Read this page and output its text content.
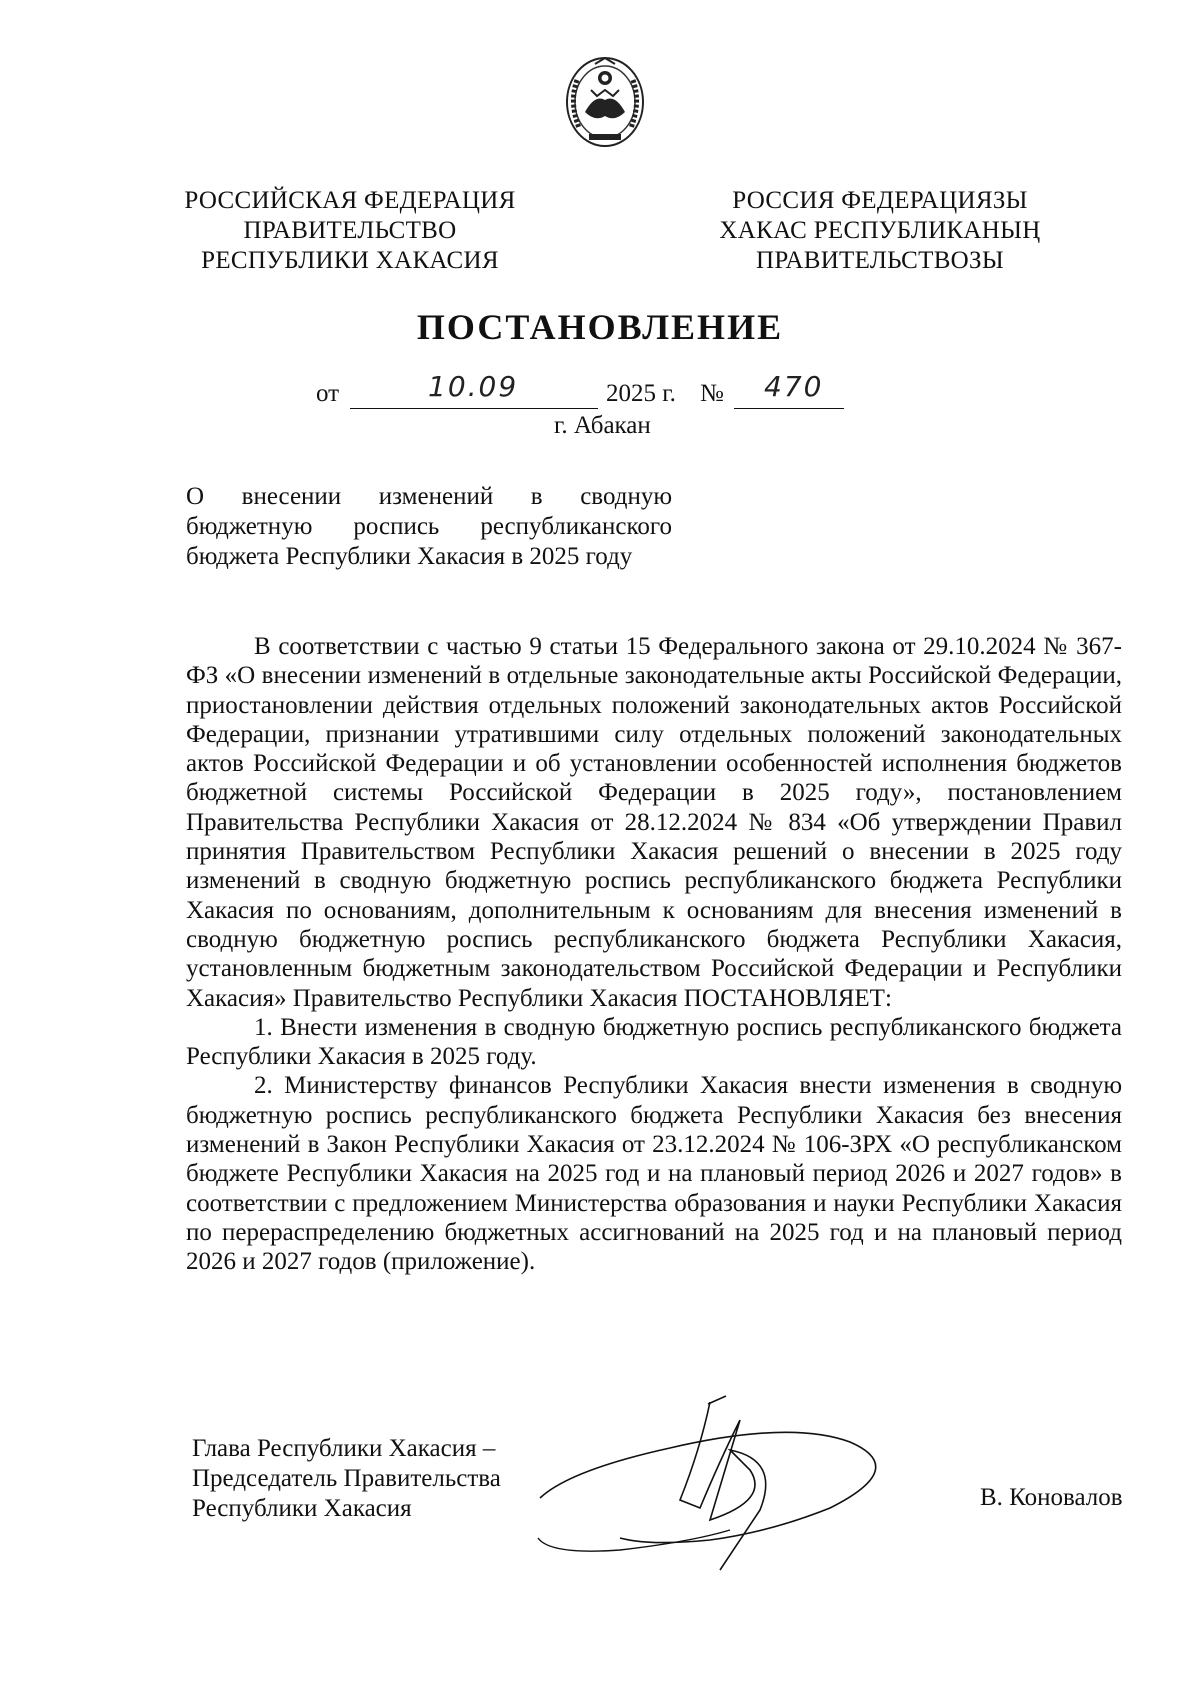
РОССИЙСКАЯ ФЕДЕРАЦИЯ
ПРАВИТЕЛЬСТВО
РЕСПУБЛИКИ ХАКАСИЯ
РОССИЯ ФЕДЕРАЦИЯЗЫ
ХАКАС РЕСПУБЛИКАНЫҢ
ПРАВИТЕЛЬСТВОЗЫ
ПОСТАНОВЛЕНИЕ
от	10.09	2025 г. № 470
г. Абакан
О внесении изменений в сводную
бюджетную роспись республиканского
бюджета Республики Хакасия в 2025 году

В соответствии с частью 9 статьи 15 Федерального закона от 29.10.2024 № 367-ФЗ «О внесении изменений в отдельные законодательные акты Российской Федерации, приостановлении действия отдельных положений законодательных актов Российской Федерации, признании утратившими силу отдельных положений законодательных актов Российской Федерации и об установлении особенностей исполнения бюджетов бюджетной системы Российской Федерации в 2025 году», постановлением Правительства Республики Хакасия от 28.12.2024 № 834 «Об утверждении Правил принятия Правительством Республики Хакасия решений о внесении в 2025 году изменений в сводную бюджетную роспись республиканского бюджета Республики Хакасия по основаниям, дополнительным к основаниям для внесения изменений в сводную бюджетную роспись республиканского бюджета Республики Хакасия, установленным бюджетным законодательством Российской Федерации и Республики Хакасия» Правительство Республики Хакасия ПОСТАНОВЛЯЕТ:

1. Внести изменения в сводную бюджетную роспись республиканского бюджета Республики Хакасия в 2025 году.

2. Министерству финансов Республики Хакасия внести изменения в сводную бюджетную роспись республиканского бюджета Республики Хакасия без внесения изменений в Закон Республики Хакасия от 23.12.2024 № 106-ЗРХ «О республиканском бюджете Республики Хакасия на 2025 год и на плановый период 2026 и 2027 годов» в соответствии с предложением Министерства образования и науки Республики Хакасия по перераспределению бюджетных ассигнований на 2025 год и на плановый период 2026 и 2027 годов (приложение).

Глава Республики Хакасия –
Председатель Правительства
Республики Хакасия	В. Коновалов
